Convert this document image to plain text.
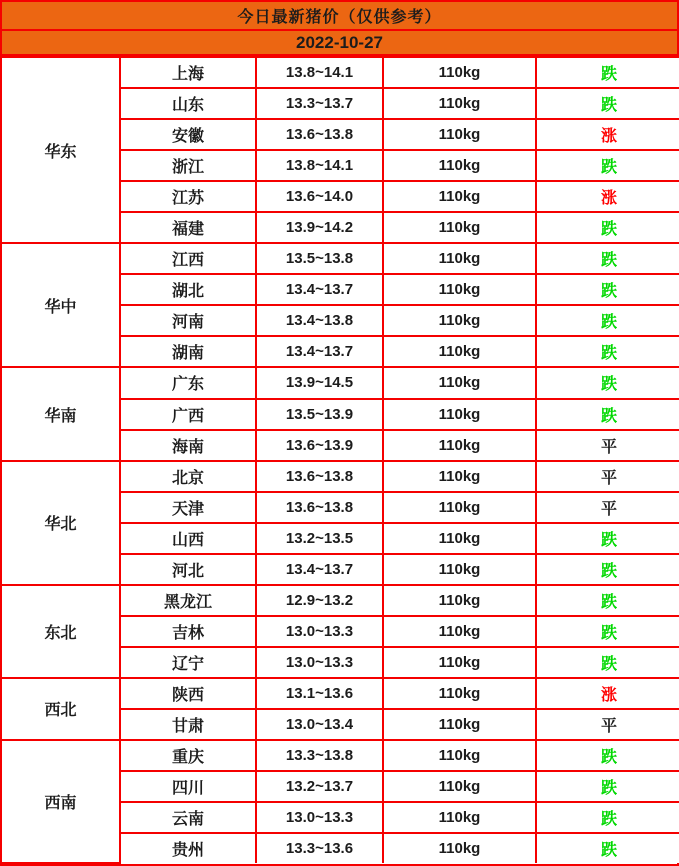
今日最新猪价（仅供参考）
2022-10-27
华东	上海	13.8~14.1	110kg	跌
	山东	13.3~13.7	110kg	跌
	安徽	13.6~13.8	110kg	涨
	浙江	13.8~14.1	110kg	跌
	江苏	13.6~14.0	110kg	涨
	福建	13.9~14.2	110kg	跌
华中	江西	13.5~13.8	110kg	跌
	湖北	13.4~13.7	110kg	跌
	河南	13.4~13.8	110kg	跌
	湖南	13.4~13.7	110kg	跌
华南	广东	13.9~14.5	110kg	跌
	广西	13.5~13.9	110kg	跌
	海南	13.6~13.9	110kg	平
华北	北京	13.6~13.8	110kg	平
	天津	13.6~13.8	110kg	平
	山西	13.2~13.5	110kg	跌
	河北	13.4~13.7	110kg	跌
东北	黑龙江	12.9~13.2	110kg	跌
	吉林	13.0~13.3	110kg	跌
	辽宁	13.0~13.3	110kg	跌
西北	陕西	13.1~13.6	110kg	涨
	甘肃	13.0~13.4	110kg	平
西南	重庆	13.3~13.8	110kg	跌
	四川	13.2~13.7	110kg	跌
	云南	13.0~13.3	110kg	跌
	贵州	13.3~13.6	110kg	跌
